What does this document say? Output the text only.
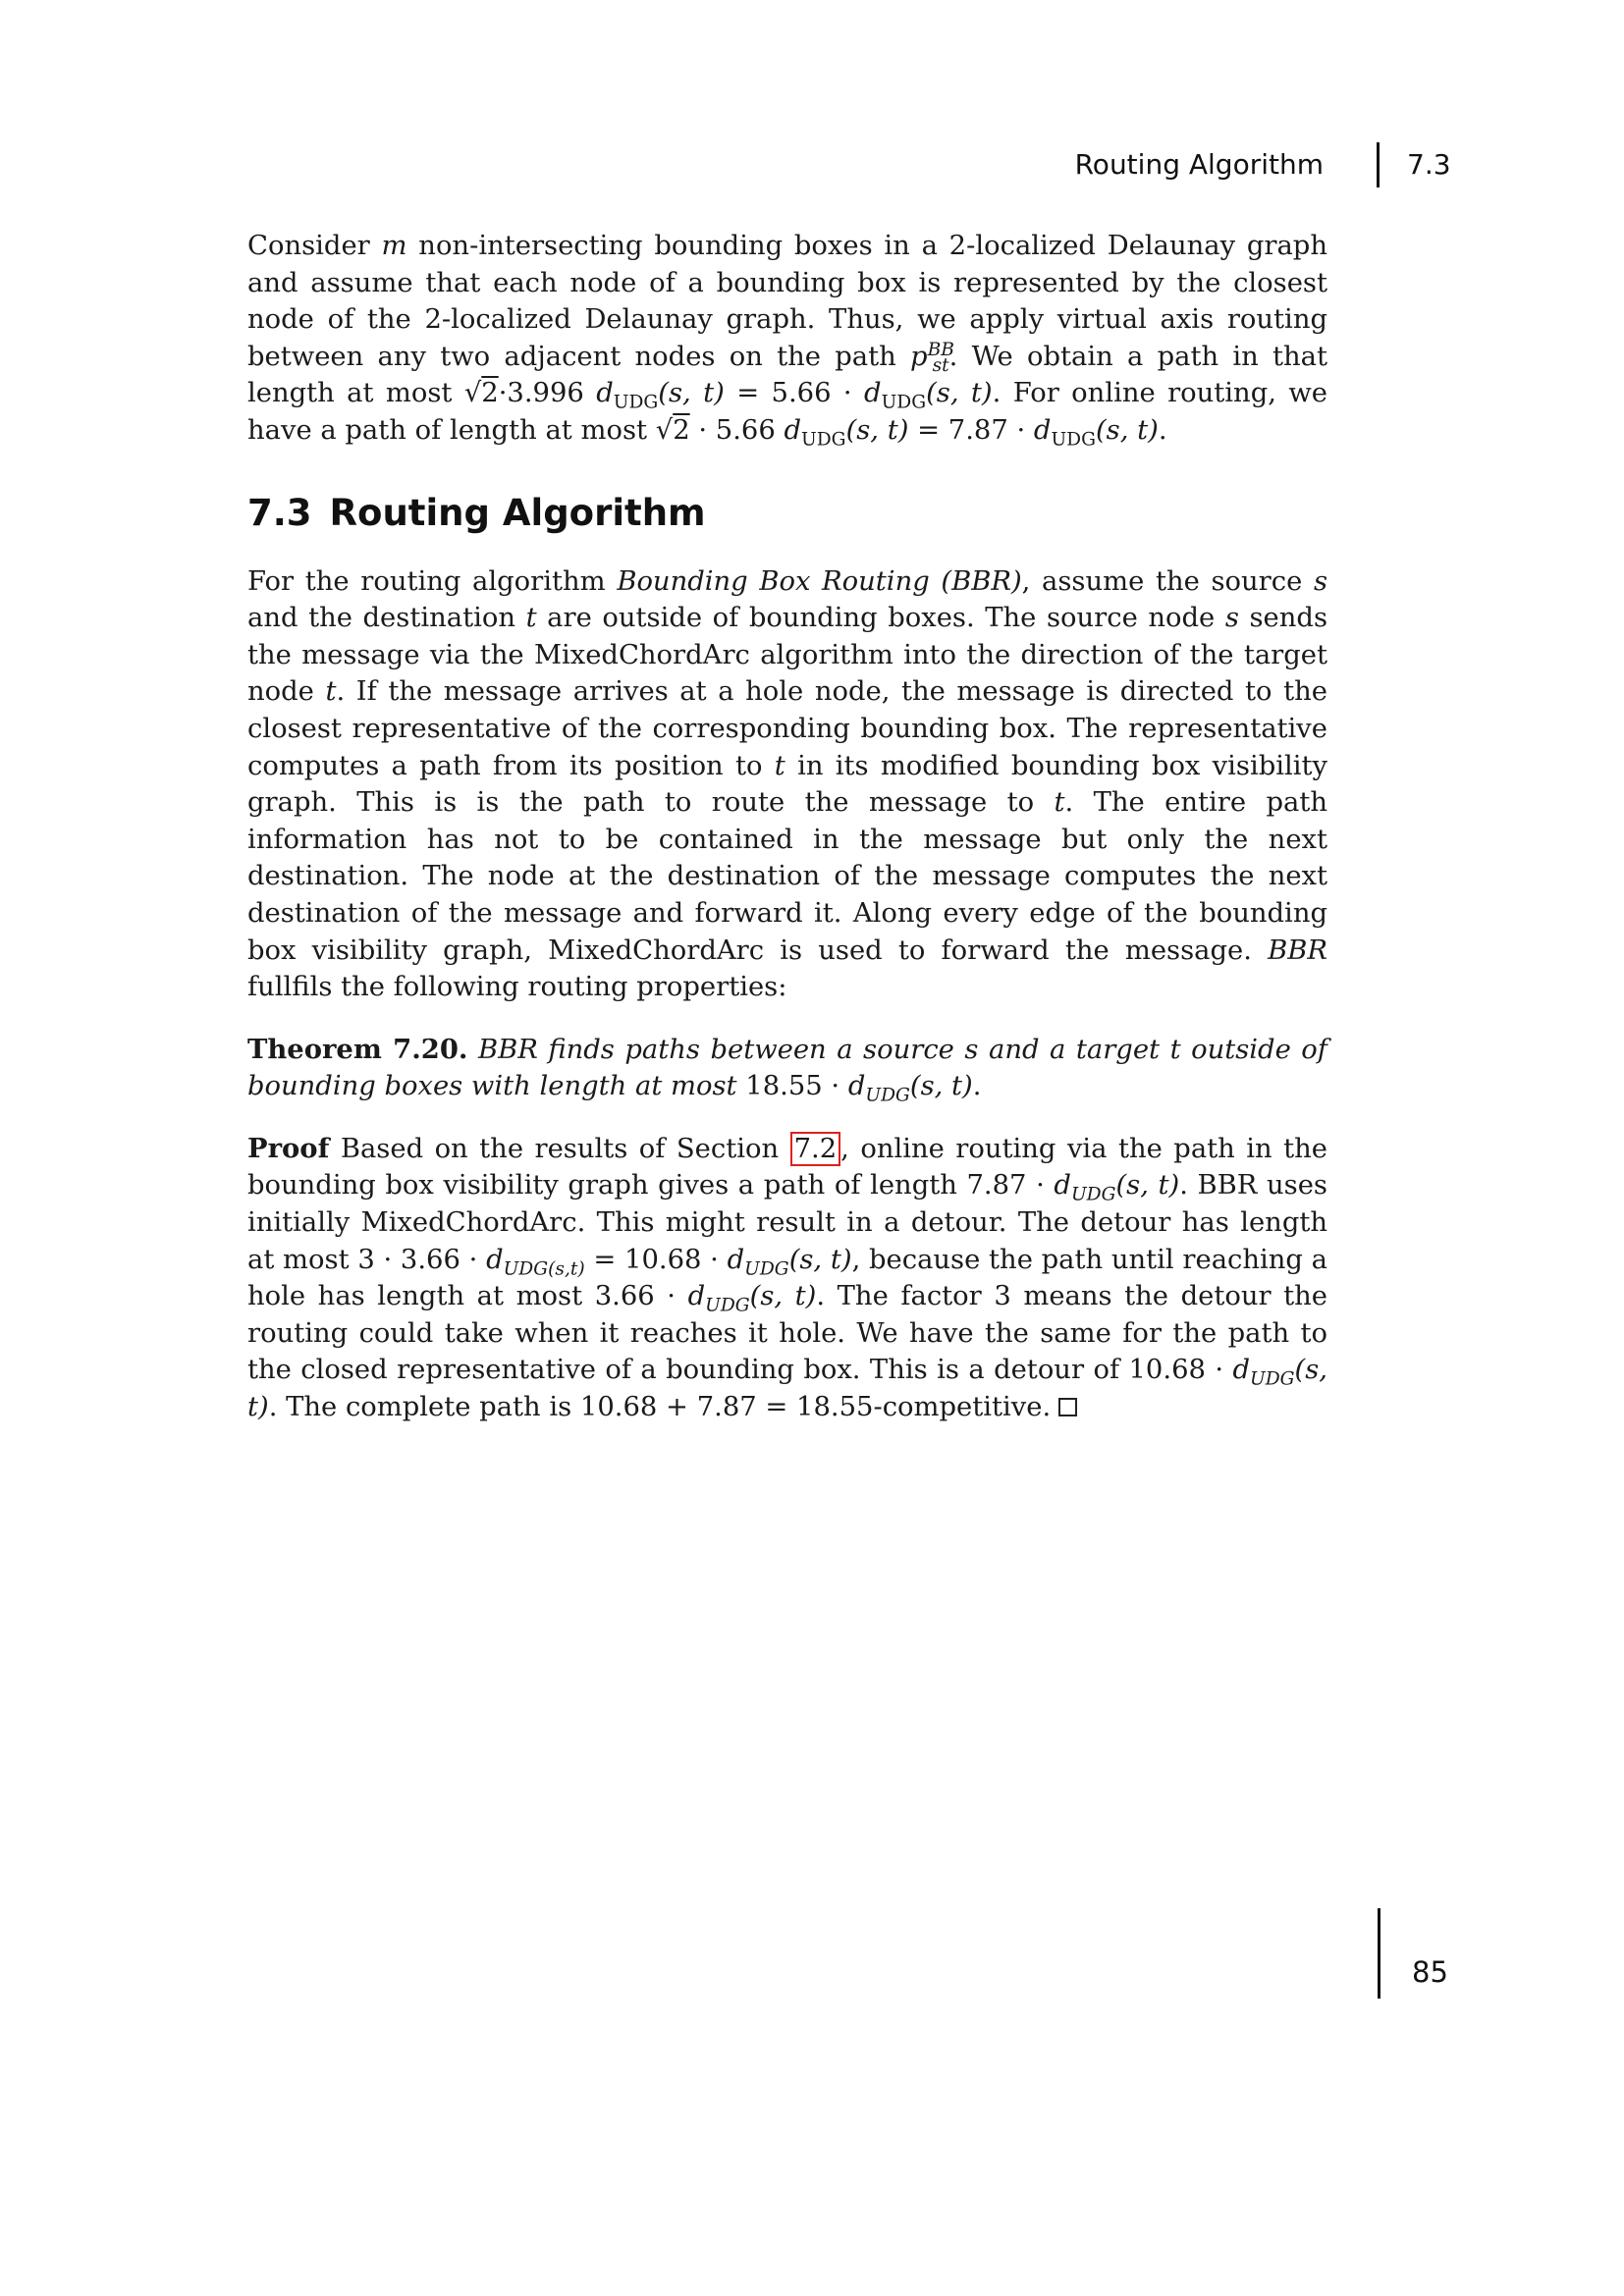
Routing Algorithm	7.3

Consider m non-intersecting bounding boxes in a 2-localized Delaunay graph and assume that each node of a bounding box is represented by the closest node of the 2-localized Delaunay graph. Thus, we apply virtual axis routing between any two adjacent nodes on the path $p^{BB}_{st}$. We obtain a path in that length at most √2·3.996 $d_{UDG}(s$, $t) = 5.66 \cdot d_{UDG}(s$, t). For online routing, we have a path of length at most √2 · 5.66 $d_{UDG}(s$, $t) = 7.87 \cdot d_{UDG}(s$, t).

7.3 Routing Algorithm

For the routing algorithm Bounding Box Routing (BBR), assume the source s and the destination t are outside of bounding boxes. The source node s sends the message via the MixedChordArc algorithm into the direction of the target node t. If the message arrives at a hole node, the message is directed to the closest representative of the corresponding bounding box. The representative computes a path from its position to t in its modified bounding box visibility graph. This is is the path to route the message to t. The entire path information has not to be contained in the message but only the next destination. The node at the destination of the message computes the next destination of the message and forward it. Along every edge of the bounding box visibility graph, MixedChordArc is used to forward the message. BBR fullfils the following routing properties:

Theorem 7.20. BBR finds paths between a source s and a target t outside of bounding boxes with length at most $18.55 \cdot d_{UDG}(s$, t).

Proof Based on the results of Section 7.2 , online routing via the path in the bounding box visibility graph gives a path of length $7.87 \cdot d_{UDG}(s$, t). BBR uses initially MixedChordArc. This might result in a detour. The detour has length at most $3 \cdot 3.66 \cdot d_{UDG(s,t)} = 10.68 \cdot d_{UDG}(s$, t), because the path until reaching a hole has length at most $3.66 \cdot d_{UDG}(s$, t). The factor 3 means the detour the routing could take when it reaches it hole. We have the same for the path to the closed representative of a bounding box. This is a detour of $10.68 \cdot d_{UDG}(s$, t). The complete path is 10.68 + 7.87 = 18.55-competitive.

85
